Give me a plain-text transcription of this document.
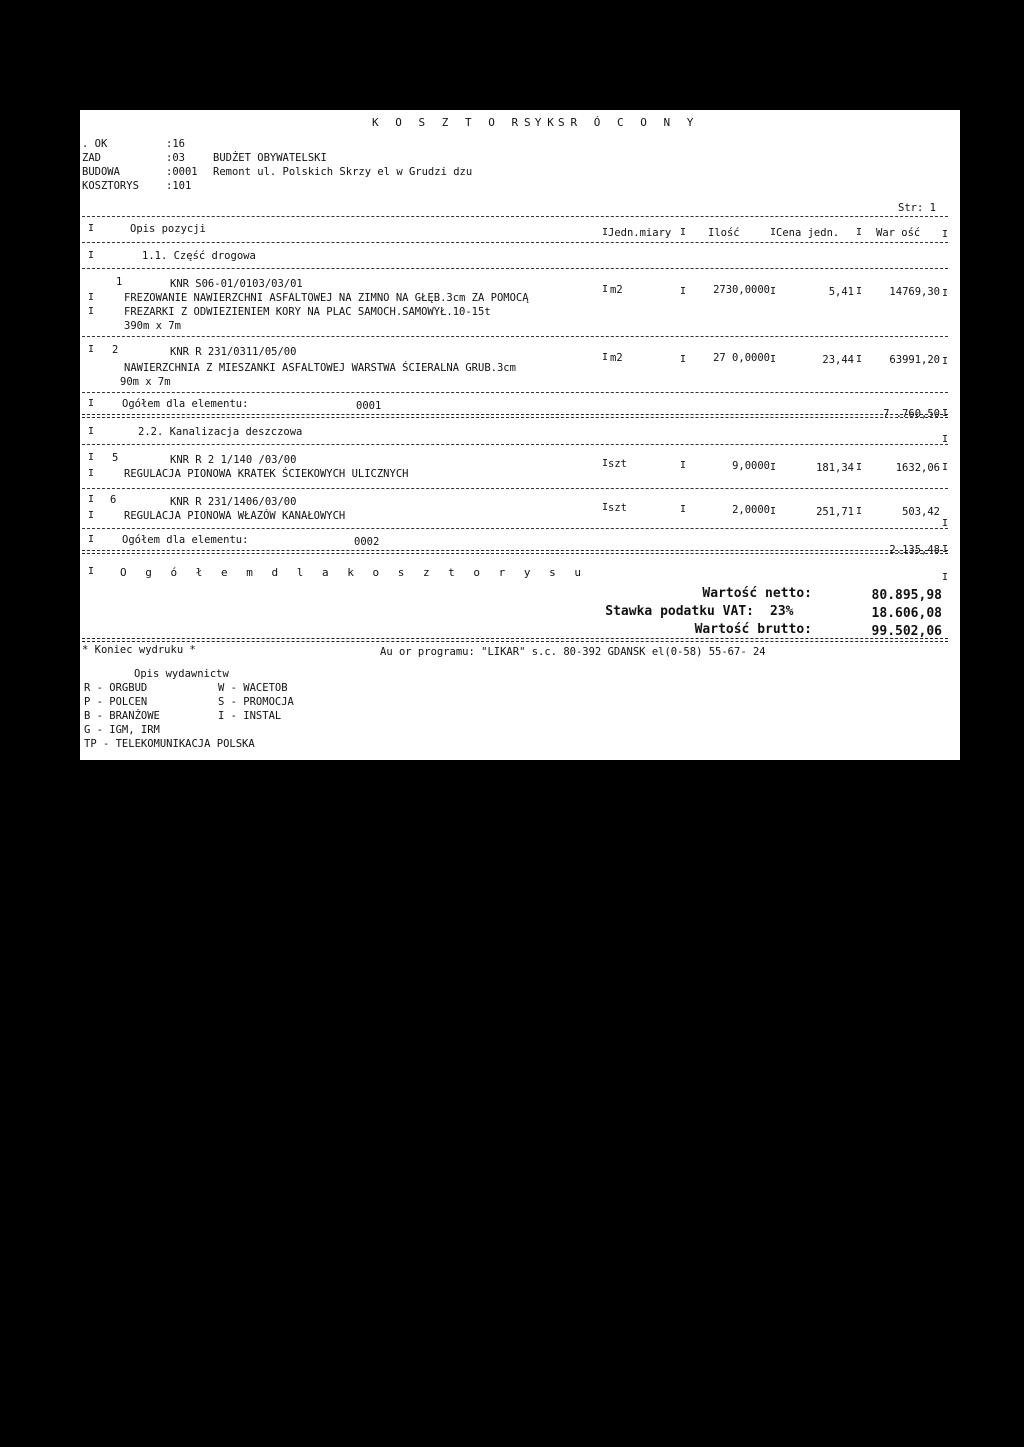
K O S Z T O R Y S
S K R Ó C O N Y
. OK	:16
ZAD	:03	BUDŻET OBYWATELSKI
BUDOWA	:0001 Remont ul. Polskich Skrzy el w Grudzi dzu
KOSZTORYS	:101
Str: 1
I	Opis pozycji	I Jedn.miary I Ilość	I Cena jedn. I War ość I
I	1.1. Część drogowa
1	KNR S06-01/0103/03/01
I	FREZOWANIE NAWIERZCHNI ASFALTOWEJ NA ZIMNO NA GŁĘB.3cm ZA POMOCĄ
I	FREZARKI Z ODWIEZIENIEM KORY NA PLAC SAMOCH.SAMOWYŁ.10-15t
390m x 7m
I m2	I	2730,0000 I	5,41 I	14769,30 I
I 2	KNR R 231/0311/05/00
NAWIERZCHNIA Z MIESZANKI ASFALTOWEJ WARSTWA ŚCIERALNA GRUB.3cm
90m x 7m
I m2	I	27 0,0000 I	23,44 I	63991,20 I
I	Ogółem dla elementu:	0001
7 .760,50 I
I	2.2. Kanalizacja deszczowa
I
I 5	KNR R 2 1/140 /03/00
I	REGULACJA PIONOWA KRATEK ŚCIEKOWYCH ULICZNYCH
I szt	I	9,0000 I	181,34 I	1632,06 I
I 6	KNR R 231/1406/03/00
I	REGULACJA PIONOWA WŁAZÓW KANAŁOWYCH
I szt	I	2,0000 I	251,71 I	503,42
I
I	Ogółem dla elementu:	0002
2.135,48 I
I O g ó ł e m d l a k o s z t o r y s u	I
Wartość netto:	80.895,98
Stawka podatku VAT: 23%	18.606,08
Wartość brutto:	99.502,06
* Koniec wydruku *	Au or programu: "LIKAR" s.c. 80-392 GDANSK el(0-58) 55-67- 24
Opis wydawnictw
R - ORGBUD
P - POLCEN
B - BRANŻOWE
G - IGM, IRM
TP - TELEKOMUNIKACJA POLSKA
W - WACETOB
S - PROMOCJA
I - INSTAL
